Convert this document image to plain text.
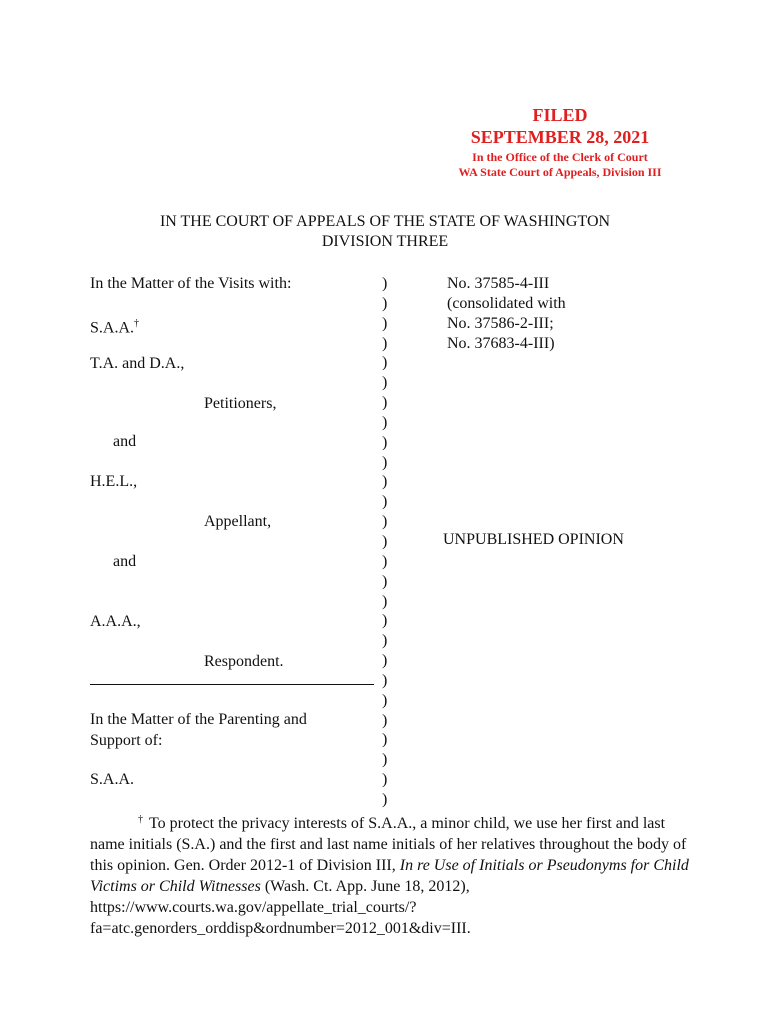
FILED
SEPTEMBER 28, 2021
In the Office of the Clerk of Court
WA State Court of Appeals, Division III
IN THE COURT OF APPEALS OF THE STATE OF WASHINGTON
DIVISION THREE
In the Matter of the Visits with:
S.A.A.†
T.A. and D.A.,
Petitioners,
and
H.E.L.,
Appellant,
and
A.A.A.,
Respondent.
In the Matter of the Parenting and
Support of:
S.A.A.
)
)
)
)
)
)
)
)
)
)
)
)
)
)
)
)
)
)
)
)
)
)
)
)
)
)
)
No. 37585-4-III
(consolidated with
No. 37586-2-III;
No. 37683-4-III)
UNPUBLISHED OPINION
† To protect the privacy interests of S.A.A., a minor child, we use her first and last name initials (S.A.) and the first and last name initials of her relatives throughout the body of this opinion. Gen. Order 2012-1 of Division III, In re Use of Initials or Pseudonyms for Child Victims or Child Witnesses (Wash. Ct. App. June 18, 2012), https://www.courts.wa.gov/appellate_trial_courts/?fa=atc.genorders_orddisp&ordnumber=2012_001&div=III.
